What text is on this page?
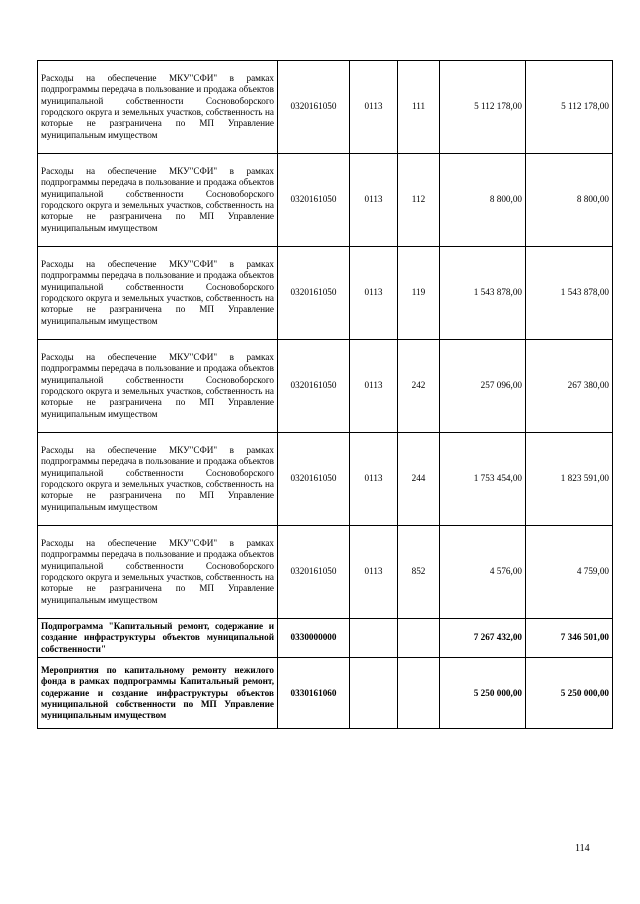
Расходы на обеспечение МКУ"СФИ" в рамках подпрограммы передача в пользование и продажа объектов муниципальной собственности Сосновоборского городского округа и земельных участков, собственность на которые не разграничена по МП Управление муниципальным имуществом	0320161050	0113	111	5 112 178,00	5 112 178,00
Расходы на обеспечение МКУ"СФИ" в рамках подпрограммы передача в пользование и продажа объектов муниципальной собственности Сосновоборского городского округа и земельных участков, собственность на которые не разграничена по МП Управление муниципальным имуществом	0320161050	0113	112	8 800,00	8 800,00
Расходы на обеспечение МКУ"СФИ" в рамках подпрограммы передача в пользование и продажа объектов муниципальной собственности Сосновоборского городского округа и земельных участков, собственность на которые не разграничена по МП Управление муниципальным имуществом	0320161050	0113	119	1 543 878,00	1 543 878,00
Расходы на обеспечение МКУ"СФИ" в рамках подпрограммы передача в пользование и продажа объектов муниципальной собственности Сосновоборского городского округа и земельных участков, собственность на которые не разграничена по МП Управление муниципальным имуществом	0320161050	0113	242	257 096,00	267 380,00
Расходы на обеспечение МКУ"СФИ" в рамках подпрограммы передача в пользование и продажа объектов муниципальной собственности Сосновоборского городского округа и земельных участков, собственность на которые не разграничена по МП Управление муниципальным имуществом	0320161050	0113	244	1 753 454,00	1 823 591,00
Расходы на обеспечение МКУ"СФИ" в рамках подпрограммы передача в пользование и продажа объектов муниципальной собственности Сосновоборского городского округа и земельных участков, собственность на которые не разграничена по МП Управление муниципальным имуществом	0320161050	0113	852	4 576,00	4 759,00
Подпрограмма "Капитальный ремонт, содержание и создание инфраструктуры объектов муниципальной собственности"	0330000000			7 267 432,00	7 346 501,00
Мероприятия по капитальному ремонту нежилого фонда в рамках подпрограммы Капитальный ремонт, содержание и создание инфраструктуры объектов муниципальной собственности по МП Управление муниципальным имуществом	0330161060			5 250 000,00	5 250 000,00
114
